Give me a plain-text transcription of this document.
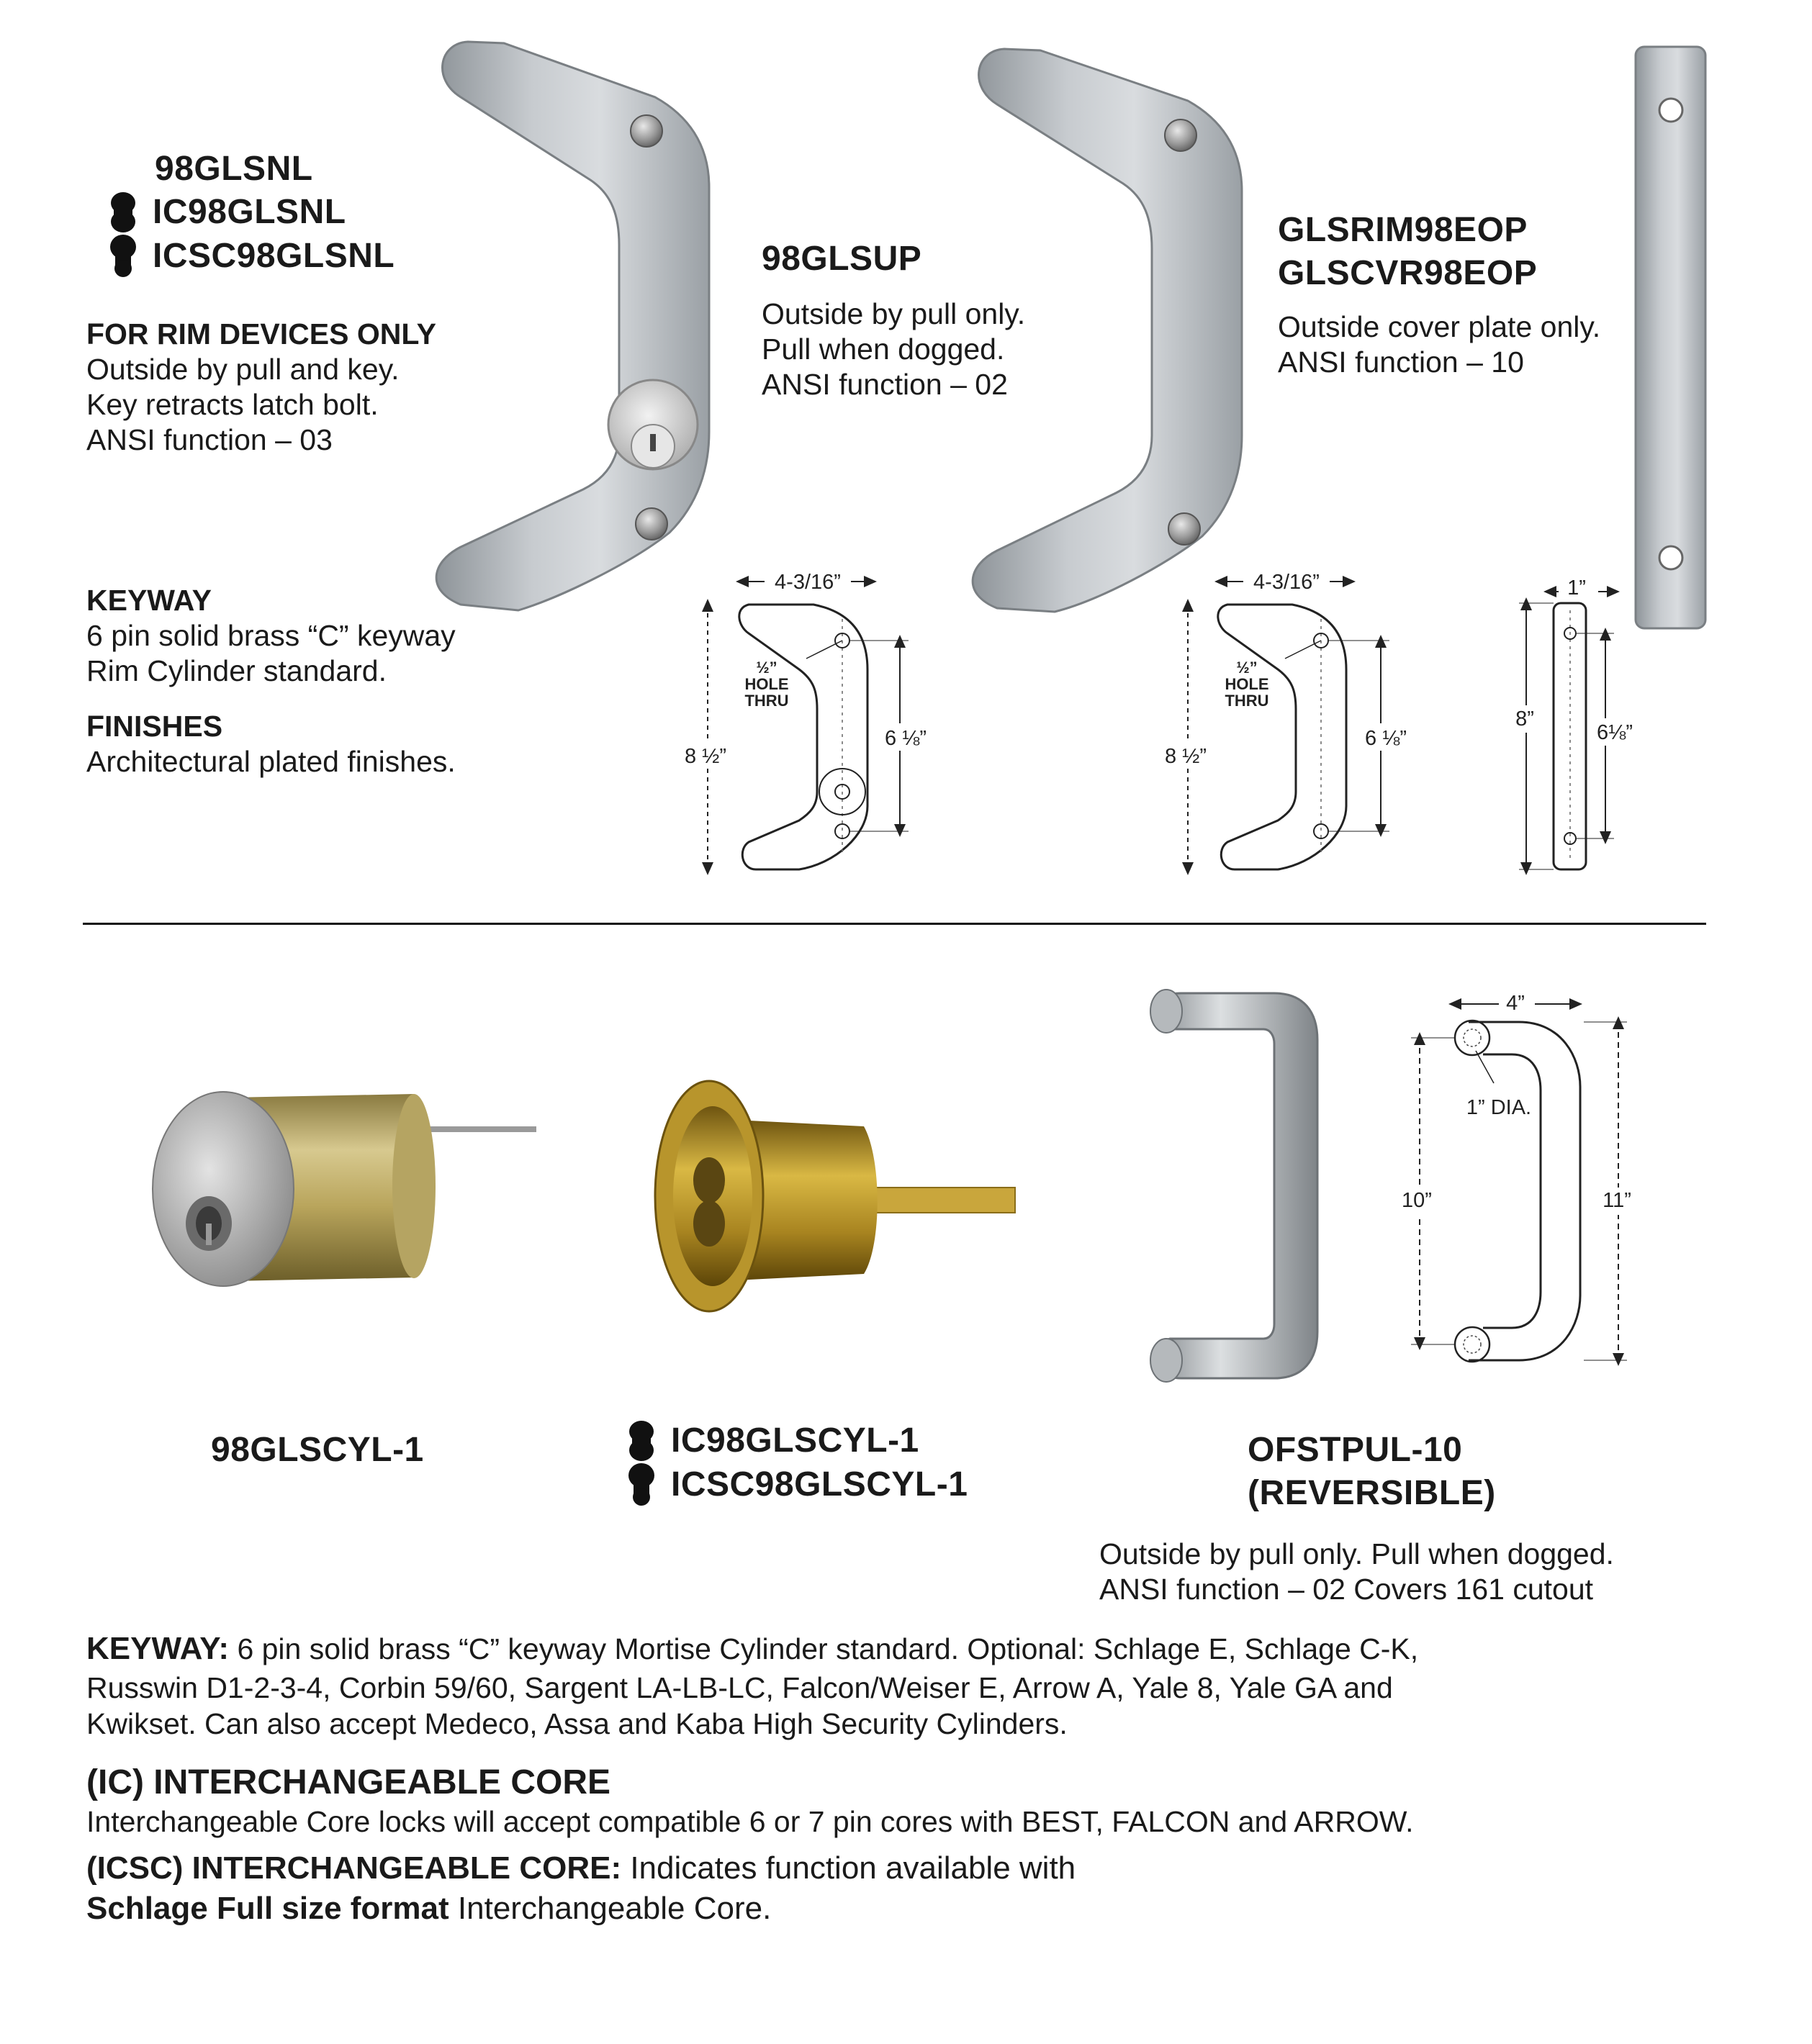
98GLSNL
IC98GLSNL
ICSC98GLSNL
FOR RIM DEVICES ONLY
Outside by pull and key.
Key retracts latch bolt.
ANSI function – 03
KEYWAY
6 pin solid brass “C” keyway
Rim Cylinder standard.
FINISHES
Architectural plated finishes.
98GLSUP
Outside by pull only.
Pull when dogged.
ANSI function – 02
GLSRIM98EOP
GLSCVR98EOP
Outside cover plate only.
ANSI function – 10
4-3/16”
½”
HOLE
THRU
8 ½”
6 ⅛”
4-3/16”
½”
HOLE
THRU
8 ½”
6 ⅛”
1”
8”
6⅛”
4”
1” DIA.
10”	11”
98GLSCYL-1	IC98GLSCYL-1
ICSC98GLSCYL-1
OFSTPUL-10
(REVERSIBLE)
Outside by pull only. Pull when dogged.
ANSI function – 02 Covers 161 cutout
KEYWAY: 6 pin solid brass “C” keyway Mortise Cylinder standard. Optional: Schlage E, Schlage C-K,
Russwin D1-2-3-4, Corbin 59/60, Sargent LA-LB-LC, Falcon/Weiser E, Arrow A, Yale 8, Yale GA and
Kwikset. Can also accept Medeco, Assa and Kaba High Security Cylinders.
(IC) INTERCHANGEABLE CORE
Interchangeable Core locks will accept compatible 6 or 7 pin cores with BEST, FALCON and ARROW.
(ICSC) INTERCHANGEABLE CORE: Indicates function available with
Schlage Full size format Interchangeable Core.
